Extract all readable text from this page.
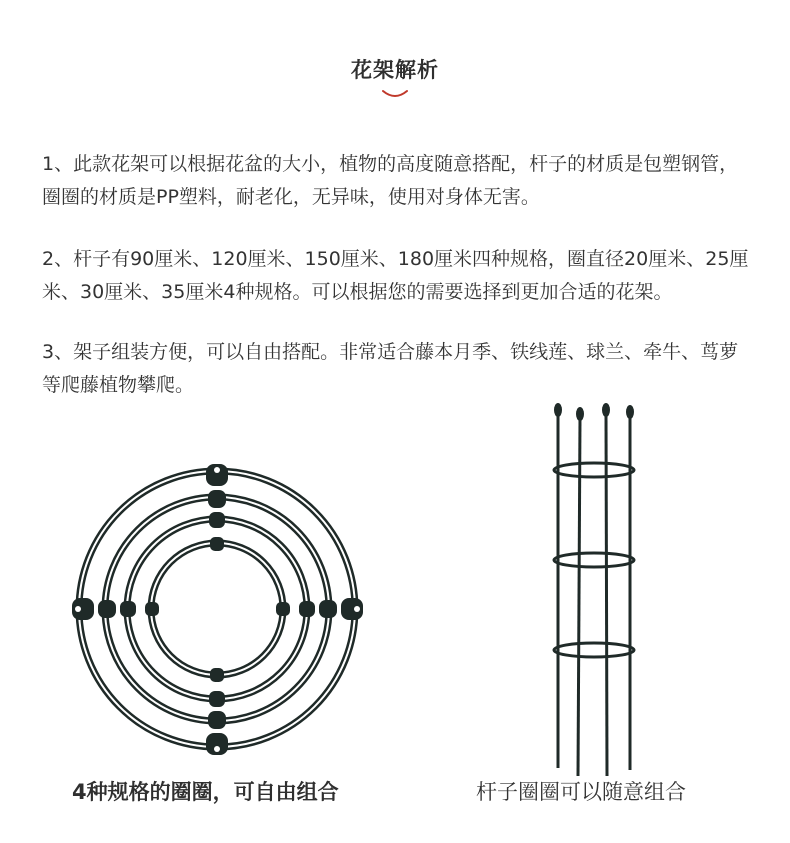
花架解析
1、此款花架可以根据花盆的大小，植物的高度随意搭配，杆子的材质是包塑钢管，圈圈的材质是PP塑料，耐老化，无异味，使用对身体无害。
2、杆子有90厘米、120厘米、150厘米、180厘米四种规格，圈直径20厘米、25厘米、30厘米、35厘米4种规格。可以根据您的需要选择到更加合适的花架。
3、架子组装方便，可以自由搭配。非常适合藤本月季、铁线莲、球兰、牵牛、茑萝等爬藤植物攀爬。
4种规格的圈圈，可自由组合	杆子圈圈可以随意组合
